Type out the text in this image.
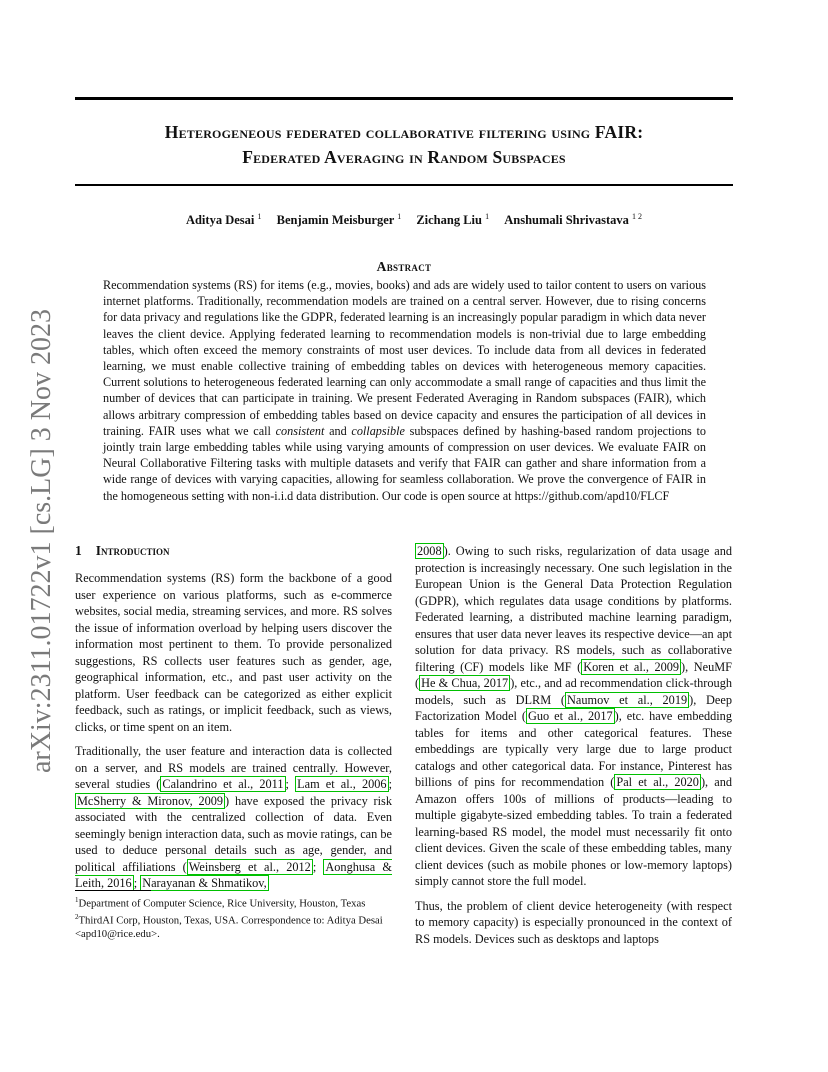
Heterogeneous federated collaborative filtering using FAIR:
Federated Averaging in Random Subspaces
Aditya Desai $^1$ Benjamin Meisburger $^1$ Zichang Liu $^1$ Anshumali Shrivastava $^{1 2}$
Abstract
Recommendation systems (RS) for items (e.g., movies, books) and ads are widely used to tailor content to users on various internet platforms. Traditionally, recommendation models are trained on a central server. However, due to rising concerns for data privacy and regulations like the GDPR, federated learning is an increasingly popular paradigm in which data never leaves the client device. Applying federated learning to recommendation models is non-trivial due to large embedding tables, which often exceed the memory constraints of most user devices. To include data from all devices in federated learning, we must enable collective training of embedding tables on devices with heterogeneous memory capacities. Current solutions to heterogeneous federated learning can only accommodate a small range of capacities and thus limit the number of devices that can participate in training. We present Federated Averaging in Random subspaces (FAIR), which allows arbitrary compression of embedding tables based on device capacity and ensures the participation of all devices in training. FAIR uses what we call consistent and collapsible subspaces defined by hashing-based random projections to jointly train large embedding tables while using varying amounts of compression on user devices. We evaluate FAIR on Neural Collaborative Filtering tasks with multiple datasets and verify that FAIR can gather and share information from a wide range of devices with varying capacities, allowing for seamless collaboration. We prove the convergence of FAIR in the homogeneous setting with non-i.i.d data distribution. Our code is open source at https://github.com/apd10/FLCF
arXiv:2311.01722v1 [cs.LG] 3 Nov 2023	1 Introduction

Recommendation systems (RS) form the backbone of a good user experience on various platforms, such as e-commerce websites, social media, streaming services, and more. RS solves the issue of information overload by helping users discover the information most pertinent to them. To provide personalized suggestions, RS collects user features such as gender, age, geographical information, etc., and past user activity on the platform. User feedback can be categorized as either explicit feedback, such as ratings, or implicit feedback, such as views, clicks, or time spent on an item.

Traditionally, the user feature and interaction data is collected on a server, and RS models are trained centrally. However, several studies ( Calandrino et al., 2011 ; Lam et al., 2006 ; McSherry & Mironov, 2009 ) have exposed the privacy risk associated with the centralized collection of data. Even seemingly benign interaction data, such as movie ratings, can be used to deduce personal details such as age, gender, and political affiliations ( Weinsberg et al., 2012 ; Aonghusa & Leith, 2016 ; Narayanan & Shmatikov,

$^1$Department of Computer Science, Rice University, Houston, Texas $^2$ThirdAI Corp, Houston, Texas, USA. Correspondence to: Aditya Desai <apd10@rice.edu>.

2008 ). Owing to such risks, regularization of data usage and protection is increasingly necessary. One such legislation in the European Union is the General Data Protection Regulation (GDPR), which regulates data usage conditions by platforms. Federated learning, a distributed machine learning paradigm, ensures that user data never leaves its respective device—an apt solution for data privacy. RS models, such as collaborative filtering (CF) models like MF ( Koren et al., 2009 ), NeuMF ( He & Chua, 2017 ), etc., and ad recommendation click-through models, such as DLRM ( Naumov et al., 2019 ), Deep Factorization Model ( Guo et al., 2017 ), etc. have embedding tables for items and other categorical features. These embeddings are typically very large due to large product catalogs and other categorical data. For instance, Pinterest has billions of pins for recommendation ( Pal et al., 2020 ), and Amazon offers 100s of millions of products—leading to multiple gigabyte-sized embedding tables. To train a federated learning-based RS model, the model must necessarily fit onto client devices. Given the scale of these embedding tables, many client devices (such as mobile phones or low-memory laptops) simply cannot store the full model.

Thus, the problem of client device heterogeneity (with respect to memory capacity) is especially pronounced in the context of RS models. Devices such as desktops and laptops
